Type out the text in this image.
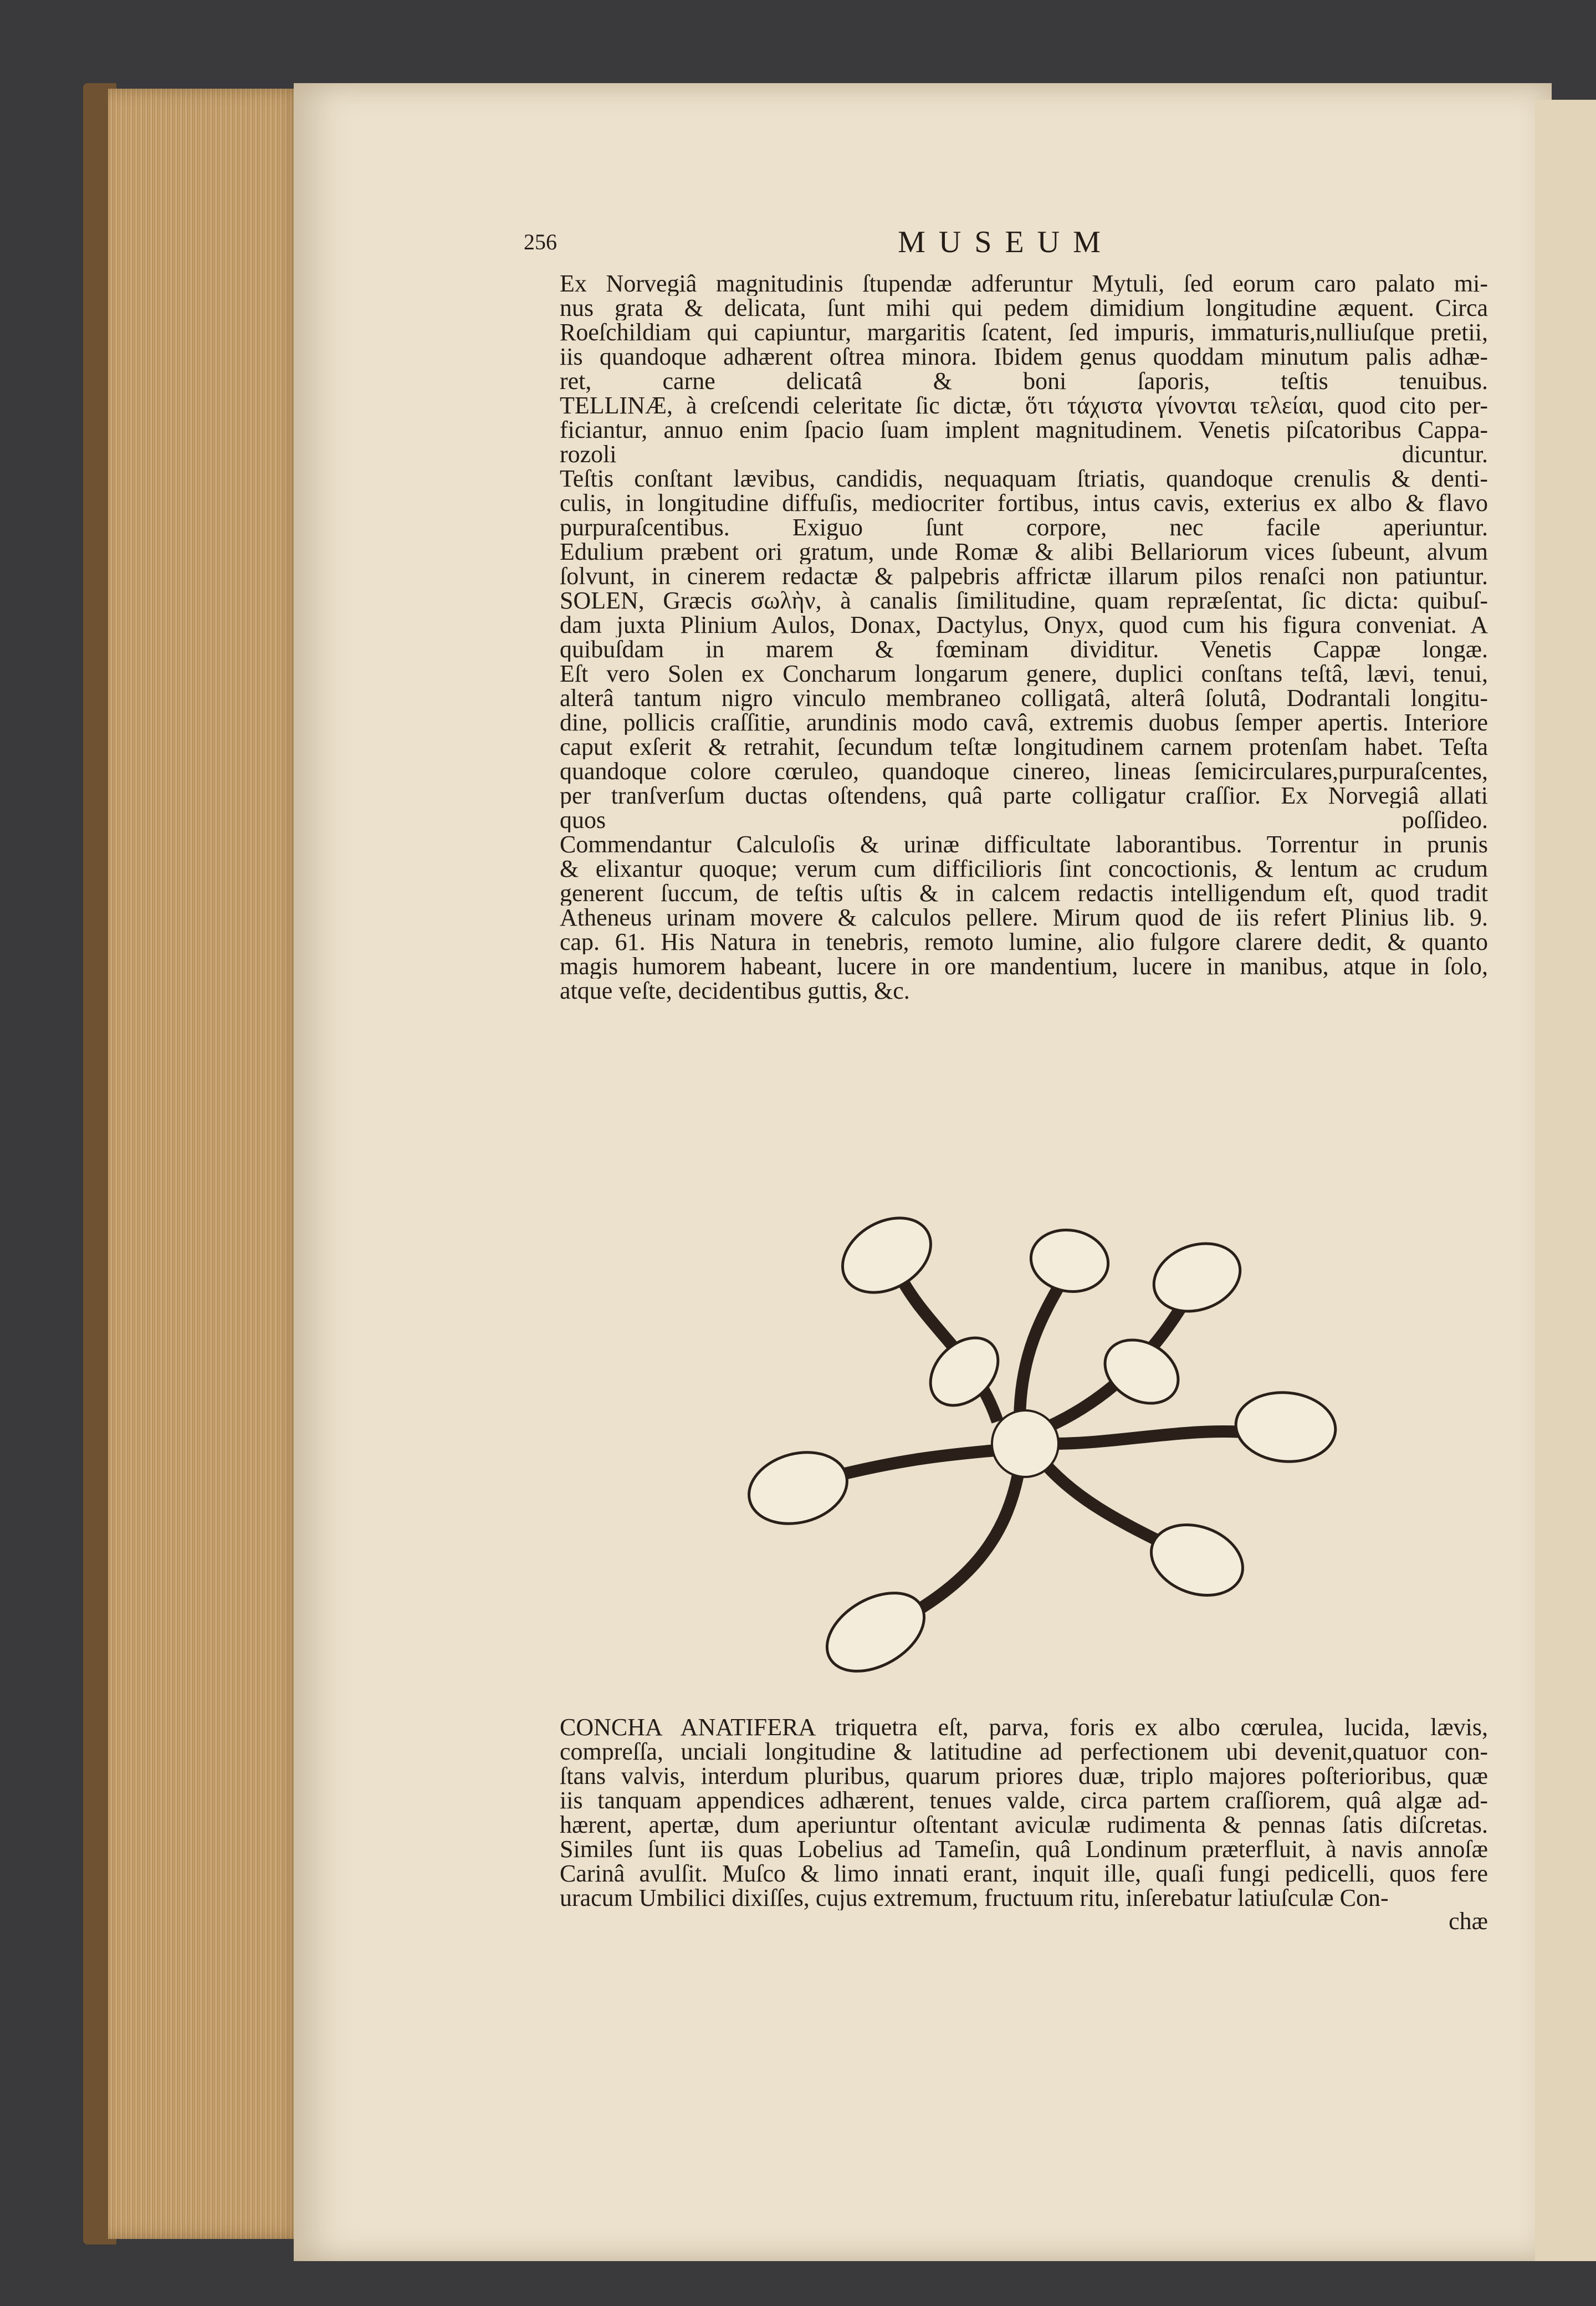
256	MUSEUM
Ex Norvegiâ magnitudinis ſtupendæ adferuntur Mytuli, ſed eorum caro palato mi-
nus grata & delicata, ſunt mihi qui pedem dimidium longitudine æquent. Circa
Roeſchildiam qui capiuntur, margaritis ſcatent, ſed impuris, immaturis,nulliuſque pretii,
iis quandoque adhærent oſtrea minora. Ibidem genus quoddam minutum palis adhæ-
ret, carne delicatâ & boni ſaporis, teſtis tenuibus.
TELLINÆ, à creſcendi celeritate ſic dictæ, ὅτι τάχιστα γίνονται τελείαι, quod cito per-
ficiantur, annuo enim ſpacio ſuam implent magnitudinem. Venetis piſcatoribus Cappa-
rozoli dicuntur.
Teſtis conſtant lævibus, candidis, nequaquam ſtriatis, quandoque crenulis & denti-
culis, in longitudine diffuſis, mediocriter fortibus, intus cavis, exterius ex albo & flavo
purpuraſcentibus. Exiguo ſunt corpore, nec facile aperiuntur.
Edulium præbent ori gratum, unde Romæ & alibi Bellariorum vices ſubeunt, alvum
ſolvunt, in cinerem redactæ & palpebris affrictæ illarum pilos renaſci non patiuntur.
SOLEN, Græcis σωλὴν, à canalis ſimilitudine, quam repræſentat, ſic dicta: quibuſ-
dam juxta Plinium Aulos, Donax, Dactylus, Onyx, quod cum his figura conveniat. A
quibuſdam in marem & fœminam dividitur. Venetis Cappæ longæ.
Eſt vero Solen ex Concharum longarum genere, duplici conſtans teſtâ, lævi, tenui,
alterâ tantum nigro vinculo membraneo colligatâ, alterâ ſolutâ, Dodrantali longitu-
dine, pollicis craſſitie, arundinis modo cavâ, extremis duobus ſemper apertis. Interiore
caput exſerit & retrahit, ſecundum teſtæ longitudinem carnem protenſam habet. Teſta
quandoque colore cœruleo, quandoque cinereo, lineas ſemicirculares,purpuraſcentes,
per tranſverſum ductas oſtendens, quâ parte colligatur craſſior. Ex Norvegiâ allati
quos poſſideo.
Commendantur Calculoſis & urinæ difficultate laborantibus. Torrentur in prunis
& elixantur quoque; verum cum difficilioris ſint concoctionis, & lentum ac crudum
generent ſuccum, de teſtis uſtis & in calcem redactis intelligendum eſt, quod tradit
Atheneus urinam movere & calculos pellere. Mirum quod de iis refert Plinius lib. 9.
cap. 61. His Natura in tenebris, remoto lumine, alio fulgore clarere dedit, & quanto
magis humorem habeant, lucere in ore mandentium, lucere in manibus, atque in ſolo,
atque veſte, decidentibus guttis, &c.
CONCHA ANATIFERA triquetra eſt, parva, foris ex albo cœrulea, lucida, lævis,
compreſſa, unciali longitudine & latitudine ad perfectionem ubi devenit,quatuor con-
ſtans valvis, interdum pluribus, quarum priores duæ, triplo majores poſterioribus, quæ
iis tanquam appendices adhærent, tenues valde, circa partem craſſiorem, quâ algæ ad-
hærent, apertæ, dum aperiuntur oſtentant aviculæ rudimenta & pennas ſatis diſcretas.
Similes ſunt iis quas Lobelius ad Tameſin, quâ Londinum præterfluit, à navis annoſæ
Carinâ avulſit. Muſco & limo innati erant, inquit ille, quaſi fungi pedicelli, quos fere
uracum Umbilici dixiſſes, cujus extremum, fructuum ritu, inſerebatur latiuſculæ Con-
chæ
